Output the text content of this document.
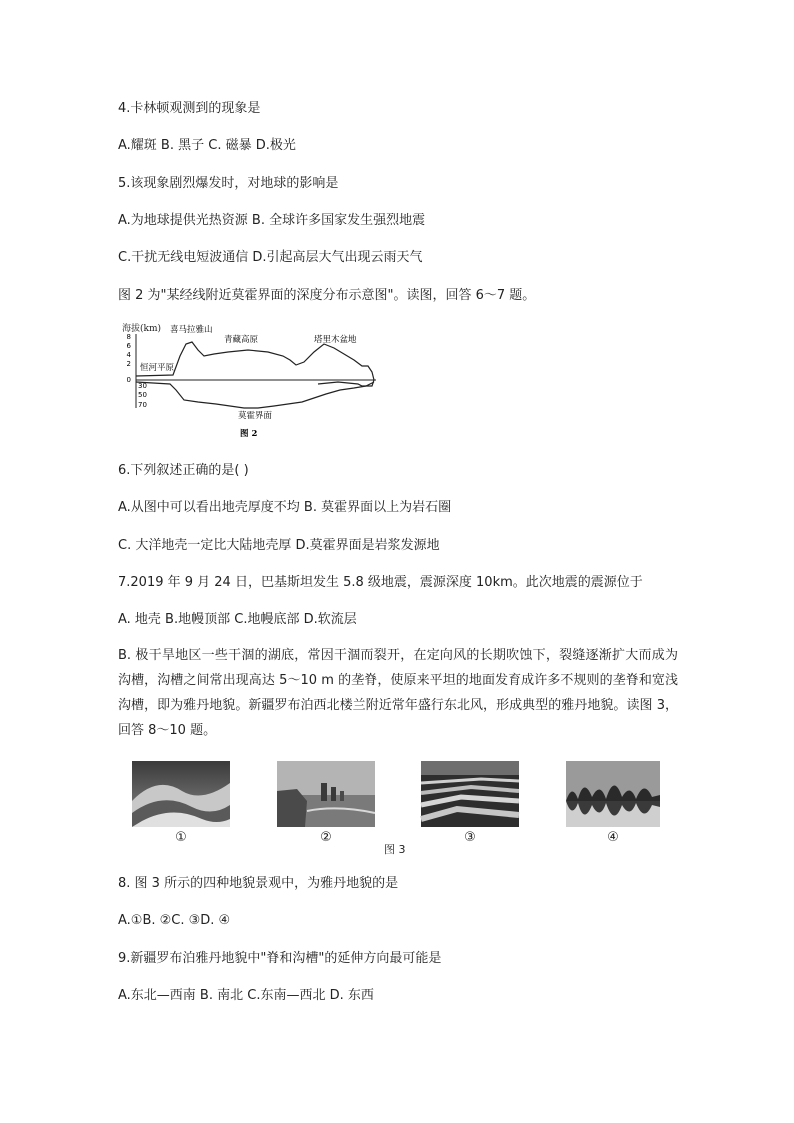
4.卡林顿观测到的现象是
A.耀斑 B. 黑子 C. 磁暴 D.极光
5.该现象剧烈爆发时，对地球的影响是
A.为地球提供光热资源 B. 全球许多国家发生强烈地震
C.干扰无线电短波通信 D.引起高层大气出现云雨天气
图 2 为"某经线附近莫霍界面的深度分布示意图"。读图，回答 6～7 题。
海拔(km)
8
6
4
2
0
30
50
70
喜马拉雅山
青藏高原	塔里木盆地
恒河平原
莫霍界面
图 2
6.下列叙述正确的是( )
A.从图中可以看出地壳厚度不均 B. 莫霍界面以上为岩石圈
C. 大洋地壳一定比大陆地壳厚 D.莫霍界面是岩浆发源地
7.2019 年 9 月 24 日，巴基斯坦发生 5.8 级地震，震源深度 10km。此次地震的震源位于
A. 地壳 B.地幔顶部 C.地幔底部 D.软流层
B. 极干旱地区一些干涸的湖底，常因干涸而裂开，在定向风的长期吹蚀下，裂缝逐渐扩大而成为沟槽，沟槽之间常出现高达 5～10 m 的垄脊，使原来平坦的地面发育成许多不规则的垄脊和宽浅沟槽，即为雅丹地貌。新疆罗布泊西北楼兰附近常年盛行东北风，形成典型的雅丹地貌。读图 3，回答 8～10 题。
①	②	③	④
图 3
8. 图 3 所示的四种地貌景观中，为雅丹地貌的是
A.①B. ②C. ③D. ④
9.新疆罗布泊雅丹地貌中"脊和沟槽"的延伸方向最可能是
A.东北—西南 B. 南北 C.东南—西北 D. 东西
